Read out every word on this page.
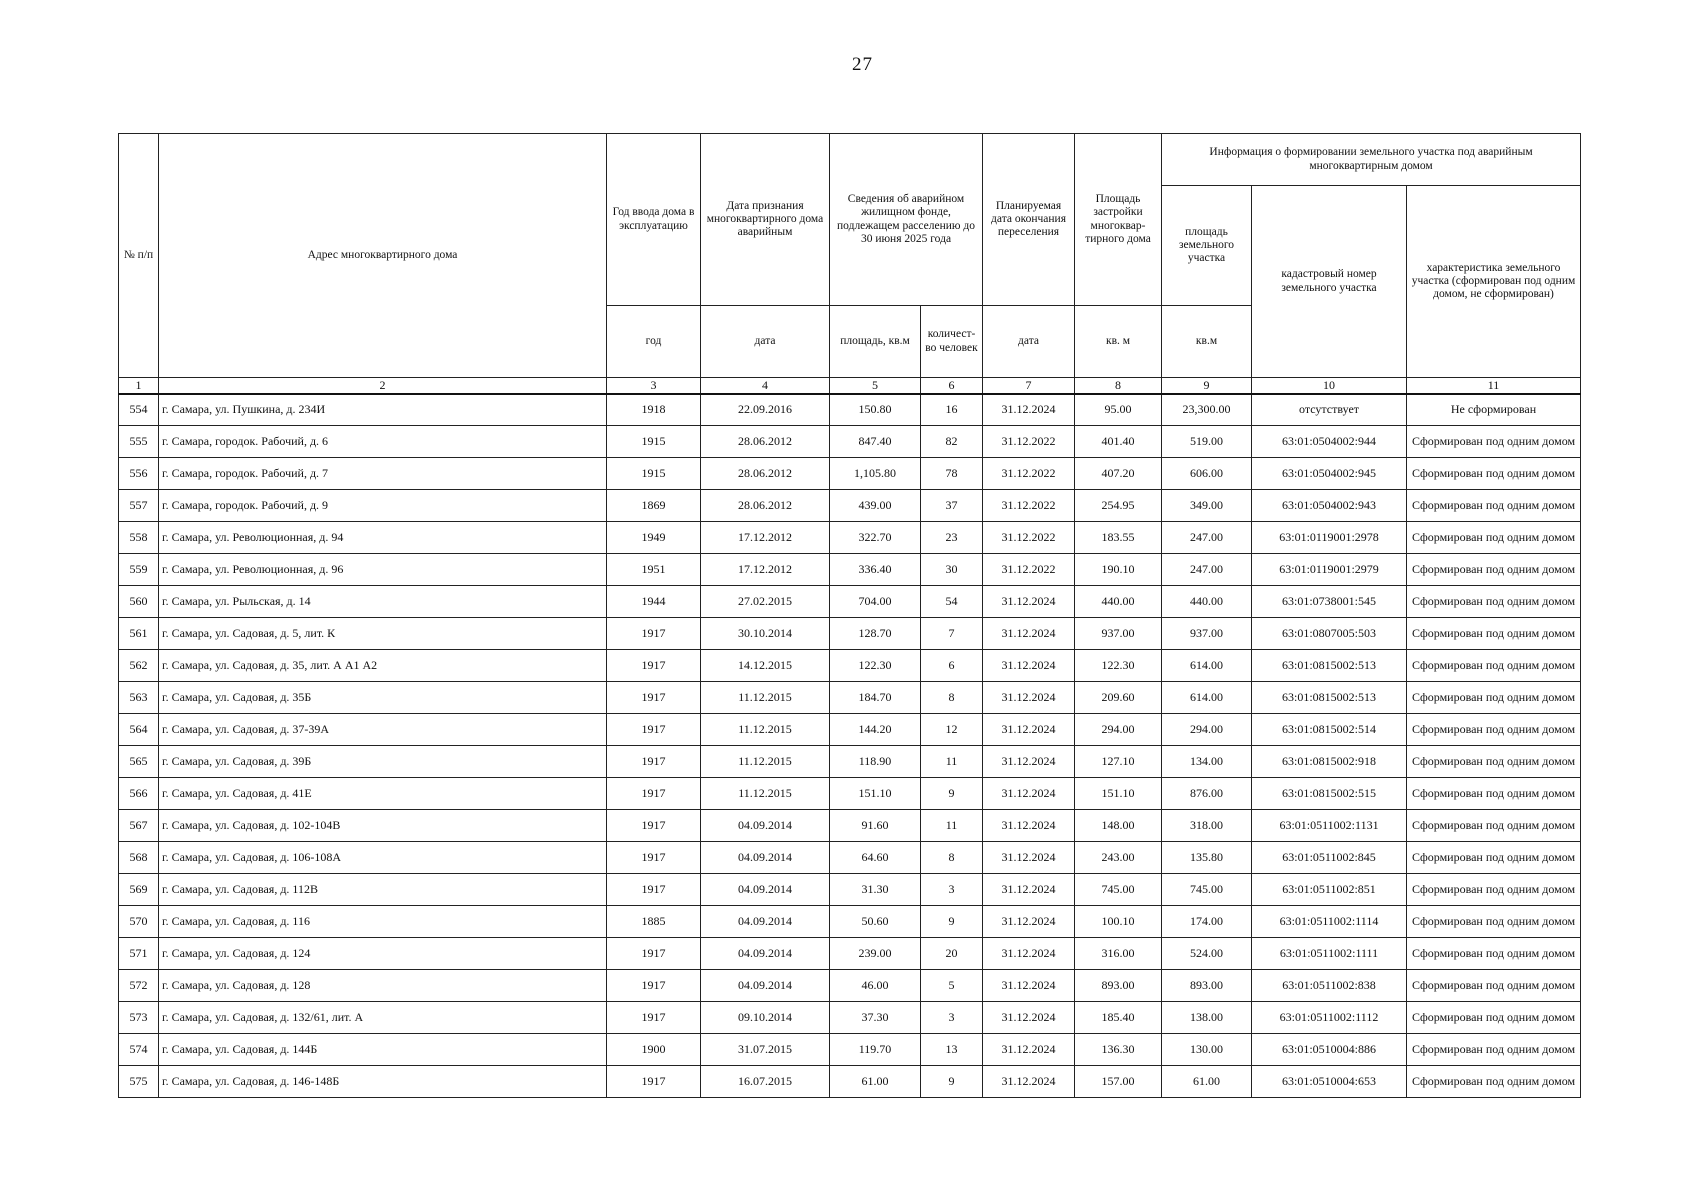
27
№ п/п	Адрес многоквартирного дома	Год ввода дома в эксплуатацию	Дата признания многоквартирного дома аварийным	Сведения об аварийном жилищном фонде, подлежащем расселению до 30 июня 2025 года		Планируемая дата окончания переселения	Площадь застройки многоквар-тирного дома	Информация о формировании земельного участка под аварийным многоквартирным домом		
								площадь земельного участка	кадастровый номер земельного участка	характеристика земельного участка (сформирован под одним домом, не сформирован)
		год	дата	площадь, кв.м	количест-во человек	дата	кв. м	кв.м		
1	2	3	4	5	6	7	8	9	10	11
554	г. Самара, ул. Пушкина, д. 234И	1918	22.09.2016	150.80	16	31.12.2024	95.00	23,300.00	отсутствует	Не сформирован
555	г. Самара, городок. Рабочий, д. 6	1915	28.06.2012	847.40	82	31.12.2022	401.40	519.00	63:01:0504002:944	Сформирован под одним домом
556	г. Самара, городок. Рабочий, д. 7	1915	28.06.2012	1,105.80	78	31.12.2022	407.20	606.00	63:01:0504002:945	Сформирован под одним домом
557	г. Самара, городок. Рабочий, д. 9	1869	28.06.2012	439.00	37	31.12.2022	254.95	349.00	63:01:0504002:943	Сформирован под одним домом
558	г. Самара, ул. Революционная, д. 94	1949	17.12.2012	322.70	23	31.12.2022	183.55	247.00	63:01:0119001:2978	Сформирован под одним домом
559	г. Самара, ул. Революционная, д. 96	1951	17.12.2012	336.40	30	31.12.2022	190.10	247.00	63:01:0119001:2979	Сформирован под одним домом
560	г. Самара, ул. Рыльская, д. 14	1944	27.02.2015	704.00	54	31.12.2024	440.00	440.00	63:01:0738001:545	Сформирован под одним домом
561	г. Самара, ул. Садовая, д. 5, лит. К	1917	30.10.2014	128.70	7	31.12.2024	937.00	937.00	63:01:0807005:503	Сформирован под одним домом
562	г. Самара, ул. Садовая, д. 35, лит. А А1 А2	1917	14.12.2015	122.30	6	31.12.2024	122.30	614.00	63:01:0815002:513	Сформирован под одним домом
563	г. Самара, ул. Садовая, д. 35Б	1917	11.12.2015	184.70	8	31.12.2024	209.60	614.00	63:01:0815002:513	Сформирован под одним домом
564	г. Самара, ул. Садовая, д. 37-39А	1917	11.12.2015	144.20	12	31.12.2024	294.00	294.00	63:01:0815002:514	Сформирован под одним домом
565	г. Самара, ул. Садовая, д. 39Б	1917	11.12.2015	118.90	11	31.12.2024	127.10	134.00	63:01:0815002:918	Сформирован под одним домом
566	г. Самара, ул. Садовая, д. 41Е	1917	11.12.2015	151.10	9	31.12.2024	151.10	876.00	63:01:0815002:515	Сформирован под одним домом
567	г. Самара, ул. Садовая, д. 102-104В	1917	04.09.2014	91.60	11	31.12.2024	148.00	318.00	63:01:0511002:1131	Сформирован под одним домом
568	г. Самара, ул. Садовая, д. 106-108А	1917	04.09.2014	64.60	8	31.12.2024	243.00	135.80	63:01:0511002:845	Сформирован под одним домом
569	г. Самара, ул. Садовая, д. 112В	1917	04.09.2014	31.30	3	31.12.2024	745.00	745.00	63:01:0511002:851	Сформирован под одним домом
570	г. Самара, ул. Садовая, д. 116	1885	04.09.2014	50.60	9	31.12.2024	100.10	174.00	63:01:0511002:1114	Сформирован под одним домом
571	г. Самара, ул. Садовая, д. 124	1917	04.09.2014	239.00	20	31.12.2024	316.00	524.00	63:01:0511002:1111	Сформирован под одним домом
572	г. Самара, ул. Садовая, д. 128	1917	04.09.2014	46.00	5	31.12.2024	893.00	893.00	63:01:0511002:838	Сформирован под одним домом
573	г. Самара, ул. Садовая, д. 132/61, лит. А	1917	09.10.2014	37.30	3	31.12.2024	185.40	138.00	63:01:0511002:1112	Сформирован под одним домом
574	г. Самара, ул. Садовая, д. 144Б	1900	31.07.2015	119.70	13	31.12.2024	136.30	130.00	63:01:0510004:886	Сформирован под одним домом
575	г. Самара, ул. Садовая, д. 146-148Б	1917	16.07.2015	61.00	9	31.12.2024	157.00	61.00	63:01:0510004:653	Сформирован под одним домом
